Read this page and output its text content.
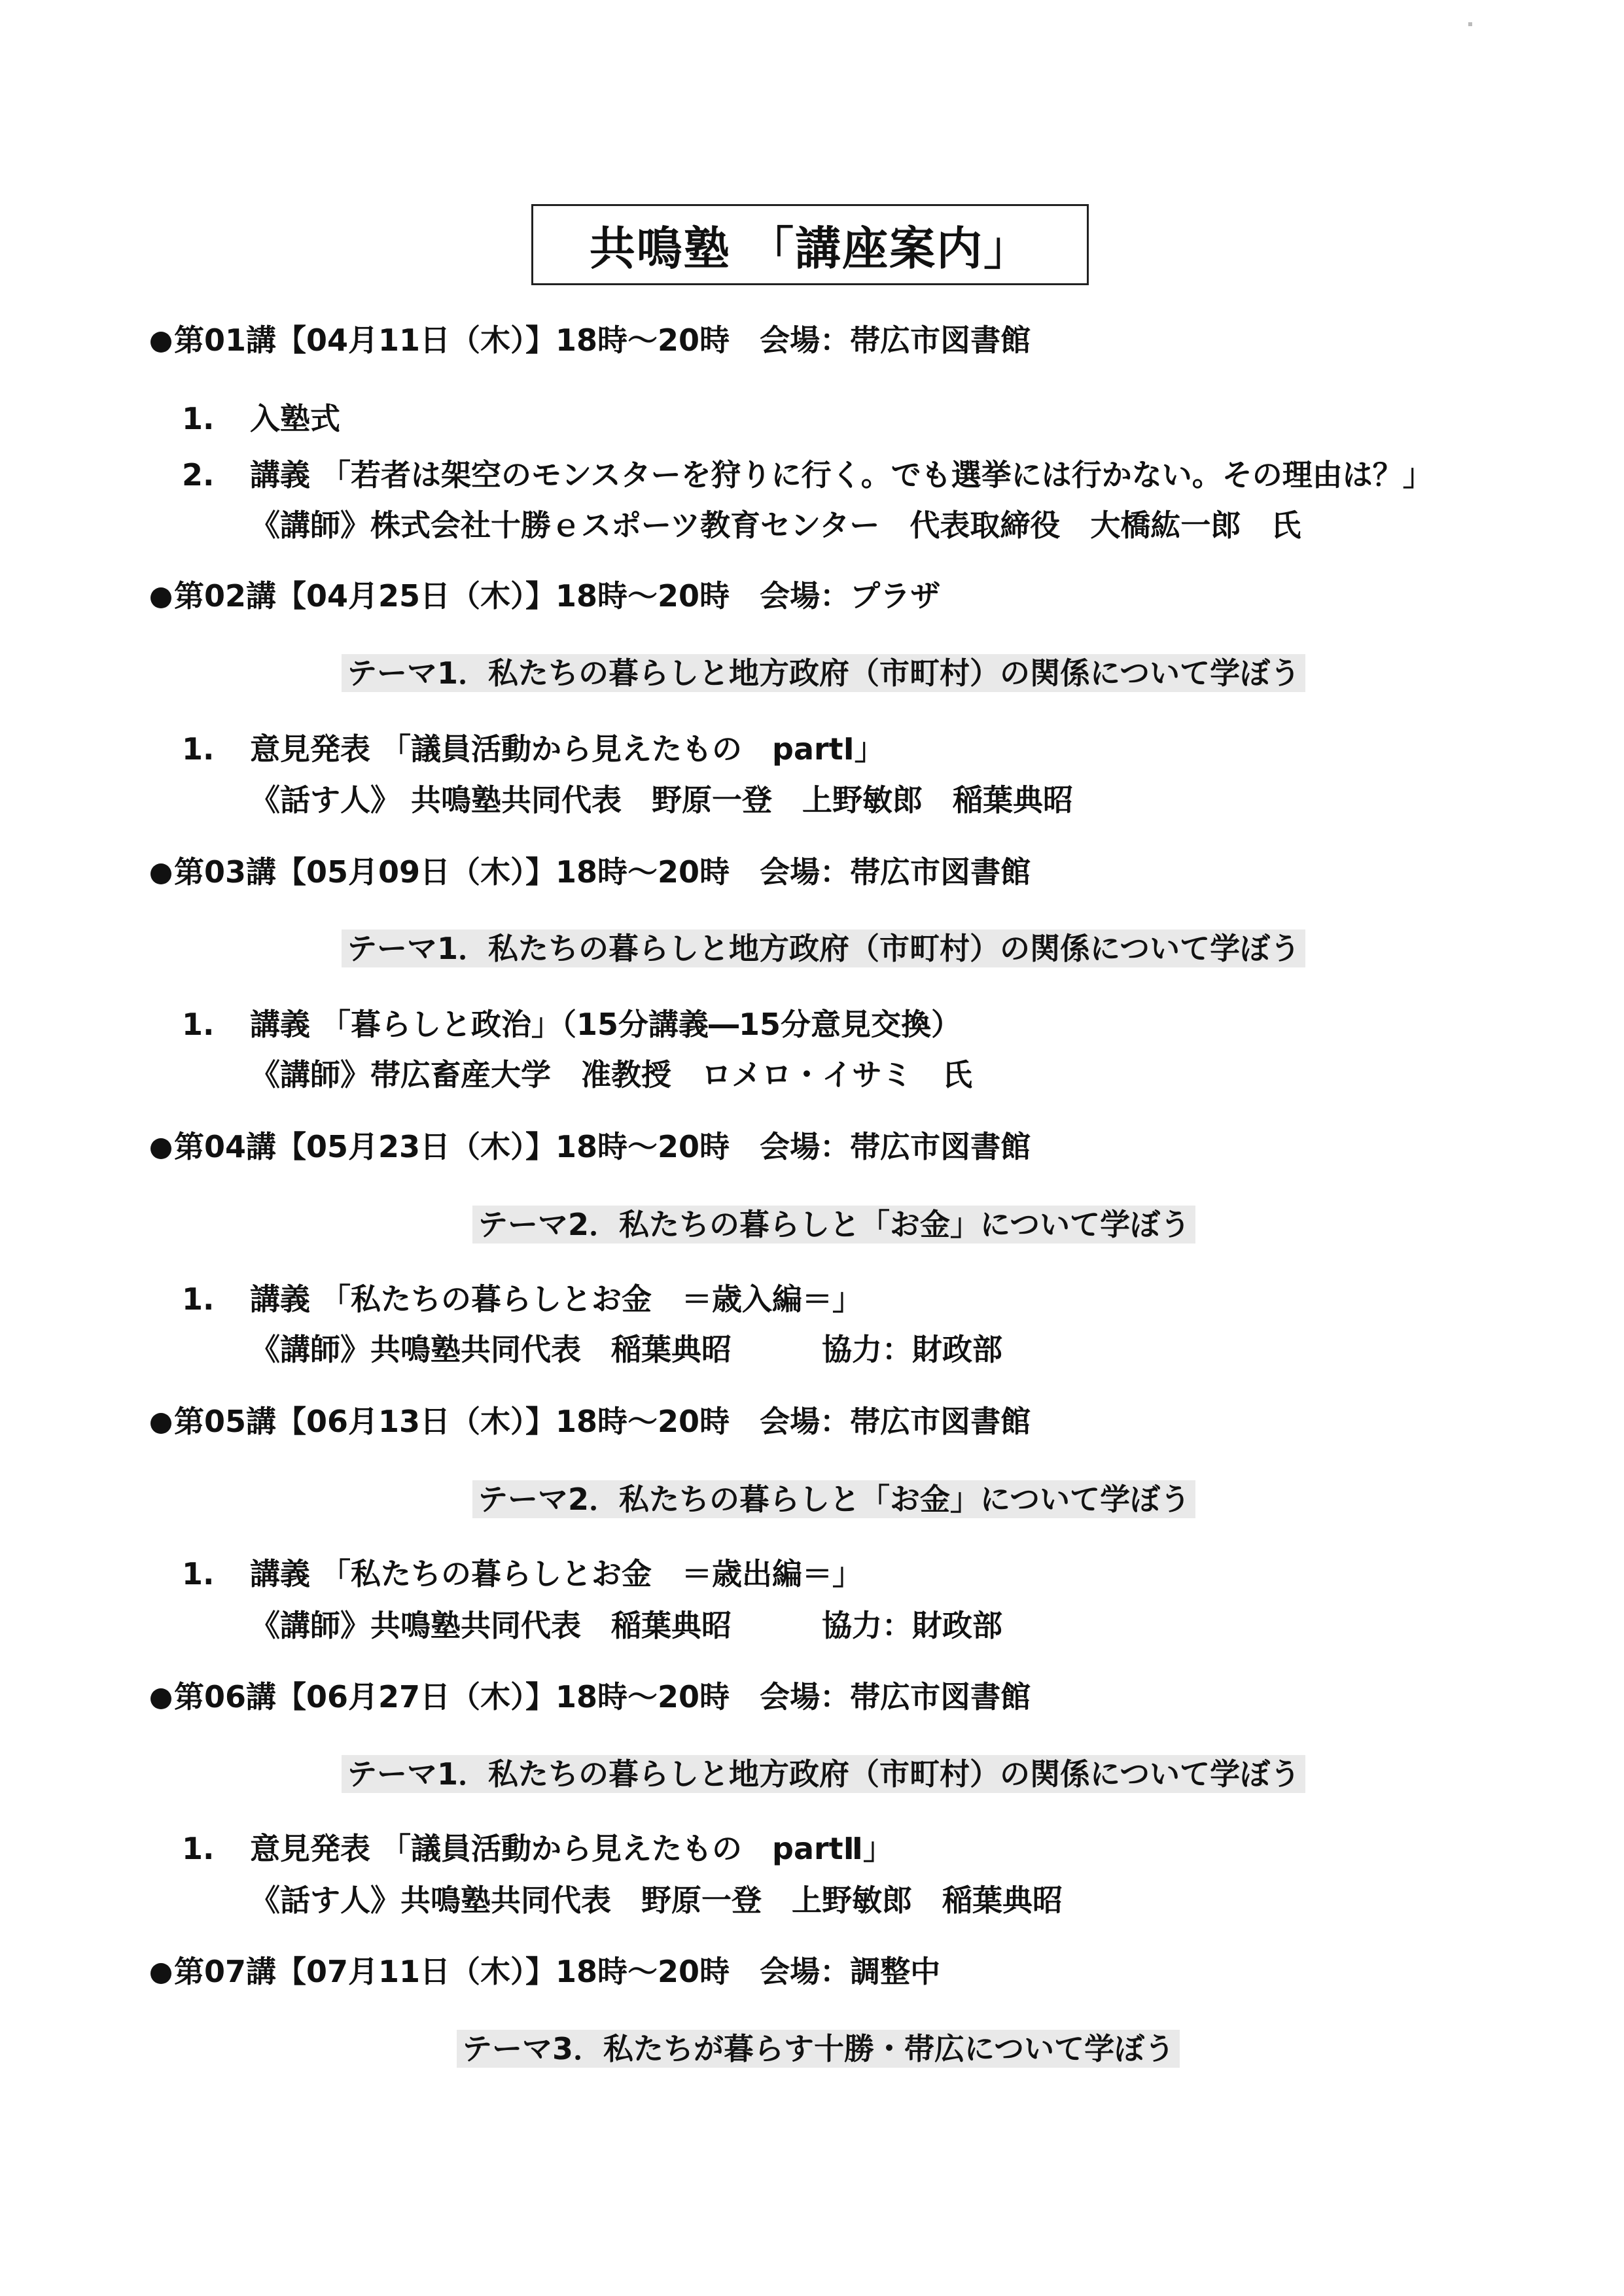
共鳴塾 「講座案内」
第01講【04月11日（木）】18時～20時　会場：帯広市図書館
1. 入塾式
2. 講義 「若者は架空のモンスターを狩りに行く。でも選挙には行かない。その理由は？」
《講師》株式会社十勝ｅスポーツ教育センター　代表取締役　大橋紘一郎　氏
第02講【04月25日（木）】18時～20時　会場：プラザ
テーマ1．私たちの暮らしと地方政府（市町村）の関係について学ぼう
1. 意見発表 「議員活動から見えたもの　partⅠ」
《話す人》 共鳴塾共同代表　野原一登　上野敏郎　稲葉典昭
第03講【05月09日（木）】18時～20時　会場：帯広市図書館
テーマ1．私たちの暮らしと地方政府（市町村）の関係について学ぼう
1. 講義 「暮らしと政治」（15分講義―15分意見交換）
《講師》帯広畜産大学　准教授　ロメロ・イサミ　氏
第04講【05月23日（木）】18時～20時　会場：帯広市図書館
テーマ2．私たちの暮らしと「お金」について学ぼう
1. 講義 「私たちの暮らしとお金　＝歳入編＝」
《講師》共鳴塾共同代表　稲葉典昭　　　協力：財政部
第05講【06月13日（木）】18時～20時　会場：帯広市図書館
テーマ2．私たちの暮らしと「お金」について学ぼう
1. 講義 「私たちの暮らしとお金　＝歳出編＝」
《講師》共鳴塾共同代表　稲葉典昭　　　協力：財政部
第06講【06月27日（木）】18時～20時　会場：帯広市図書館
テーマ1．私たちの暮らしと地方政府（市町村）の関係について学ぼう
1. 意見発表 「議員活動から見えたもの　partⅡ」
《話す人》共鳴塾共同代表　野原一登　上野敏郎　稲葉典昭
第07講【07月11日（木）】18時～20時　会場：調整中
テーマ3．私たちが暮らす十勝・帯広について学ぼう
